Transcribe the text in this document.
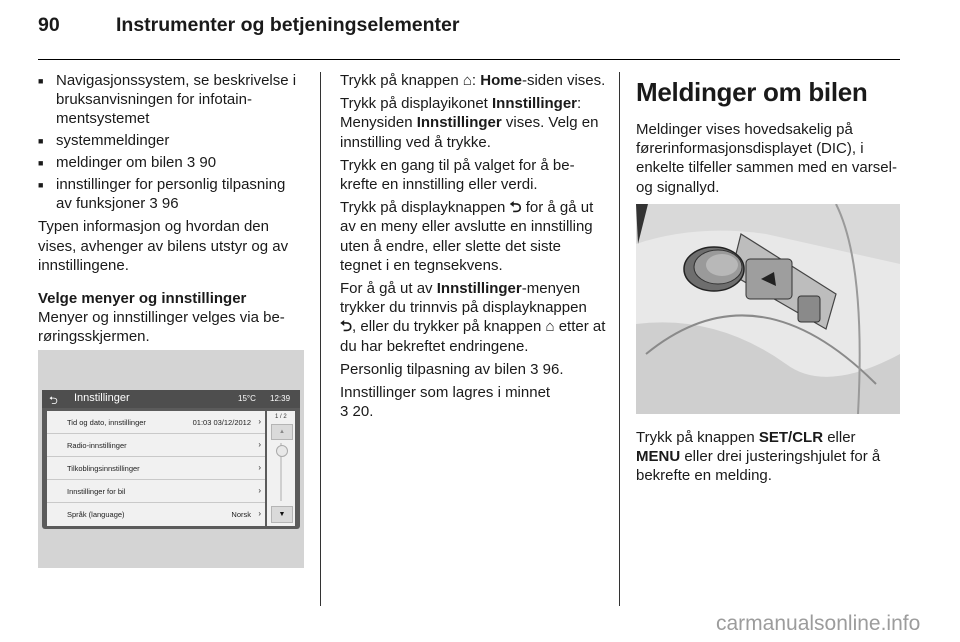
90	Instrumenter og betjeningselementer
■ Navigasjonssystem, se beskrivelse i bruksanvisningen for infotainmentsystemet
■ systemmeldinger
■ meldinger om bilen 3 90
■ innstillinger for personlig tilpasning av funksjoner 3 96

Typen informasjon og hvordan den vises, avhenger av bilens utstyr og av innstillingene.

Velge menyer og innstillinger

Menyer og innstillinger velges via berøringsskjermen.

⮌ Innstillinger	15°C 12:39
Tid og dato, innstillinger	01:03 03/12/2012 ›
Radio-innstillinger	›
Tilkoblingsinnstillinger	›
Innstillinger for bil	›
Språk (language)	Norsk ›
1 / 2
▲
▼

Trykk på knappen ⌂: Home-siden vises.

Trykk på displayikonet Innstillinger: Menysiden Innstillinger vises. Velg en innstilling ved å trykke.

Trykk en gang til på valget for å bekrefte en innstilling eller verdi.

Trykk på displayknappen ⮌ for å gå ut av en meny eller avslutte en innstilling uten å endre, eller slette det siste tegnet i en tegnsekvens.

For å gå ut av Innstillinger-menyen trykker du trinnvis på displayknappen ⮌, eller du trykker på knappen ⌂ etter at du har bekreftet endringene.

Personlig tilpasning av bilen 3 96.

Innstillinger som lagres i minnet
3 20.

Meldinger om bilen

Meldinger vises hovedsakelig på førerinformasjonsdisplayet (DIC), i enkelte tilfeller sammen med en varsel- og signallyd.

Trykk på knappen SET/CLR eller MENU eller drei justeringshjulet for å bekrefte en melding.

carmanualsonline.info
